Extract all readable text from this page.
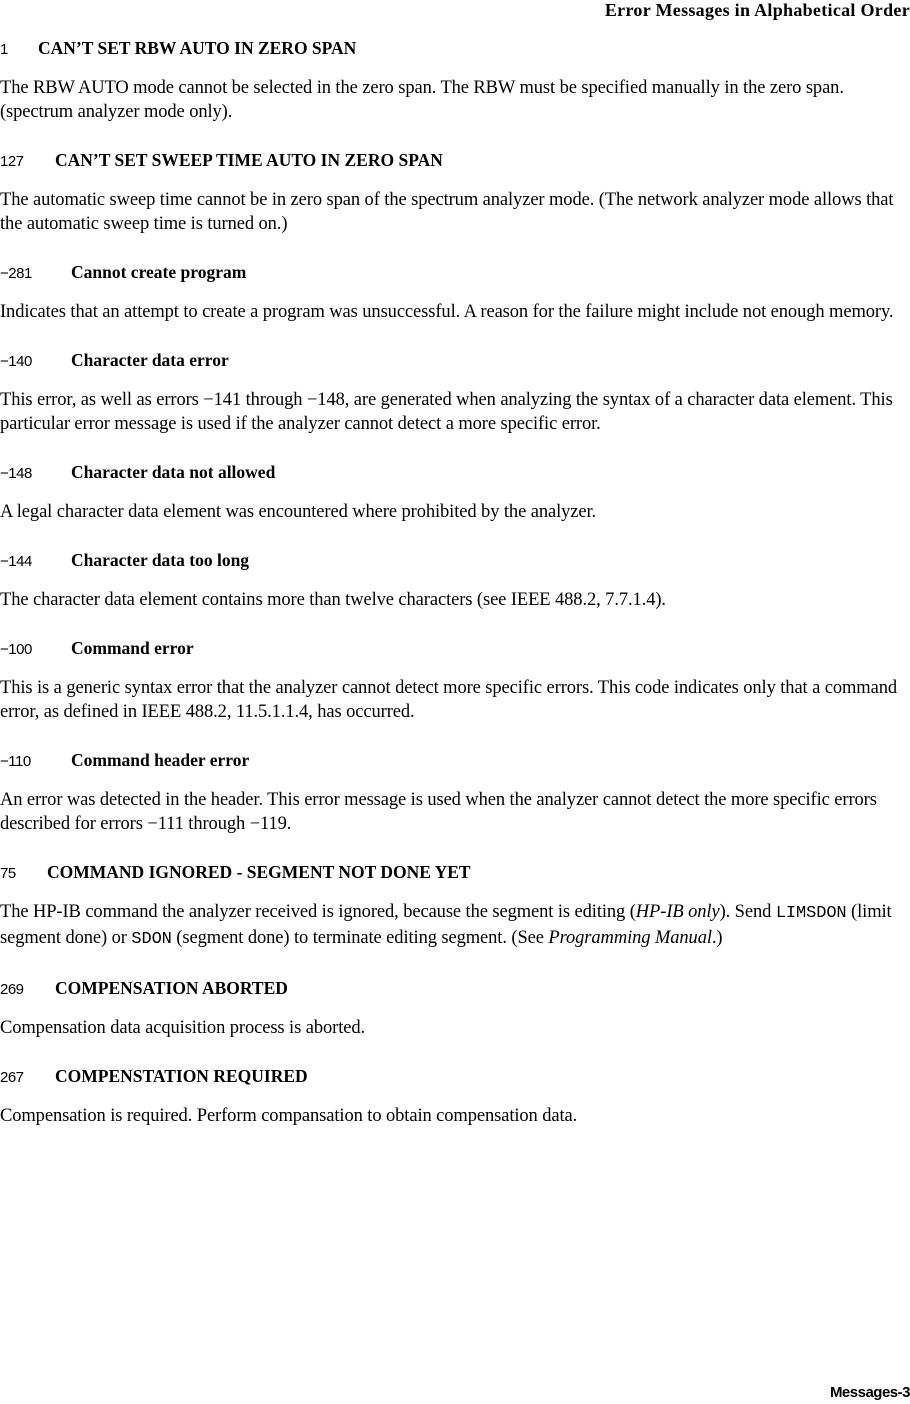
Error Messages in Alphabetical Order
1	CAN’T SET RBW AUTO IN ZERO SPAN
The RBW AUTO mode cannot be selected in the zero span. The RBW must be specified manually in the zero span. (spectrum analyzer mode only).
127	CAN’T SET SWEEP TIME AUTO IN ZERO SPAN
The automatic sweep time cannot be in zero span of the spectrum analyzer mode. (The network analyzer mode allows that the automatic sweep time is turned on.)
−281	Cannot create program
Indicates that an attempt to create a program was unsuccessful. A reason for the failure might include not enough memory.
−140	Character data error
This error, as well as errors −141 through −148, are generated when analyzing the syntax of a character data element. This particular error message is used if the analyzer cannot detect a more specific error.
−148	Character data not allowed
A legal character data element was encountered where prohibited by the analyzer.
−144	Character data too long
The character data element contains more than twelve characters (see IEEE 488.2, 7.7.1.4).
−100	Command error
This is a generic syntax error that the analyzer cannot detect more specific errors. This code indicates only that a command error, as defined in IEEE 488.2, 11.5.1.1.4, has occurred.
−110	Command header error
An error was detected in the header. This error message is used when the analyzer cannot detect the more specific errors described for errors −111 through −119.
75	COMMAND IGNORED - SEGMENT NOT DONE YET
The HP-IB command the analyzer received is ignored, because the segment is editing (HP-IB only). Send LIMSDON (limit segment done) or SDON (segment done) to terminate editing segment. (See Programming Manual.)
269	COMPENSATION ABORTED
Compensation data acquisition process is aborted.
267	COMPENSTATION REQUIRED
Compensation is required. Perform compansation to obtain compensation data.
Messages-3
